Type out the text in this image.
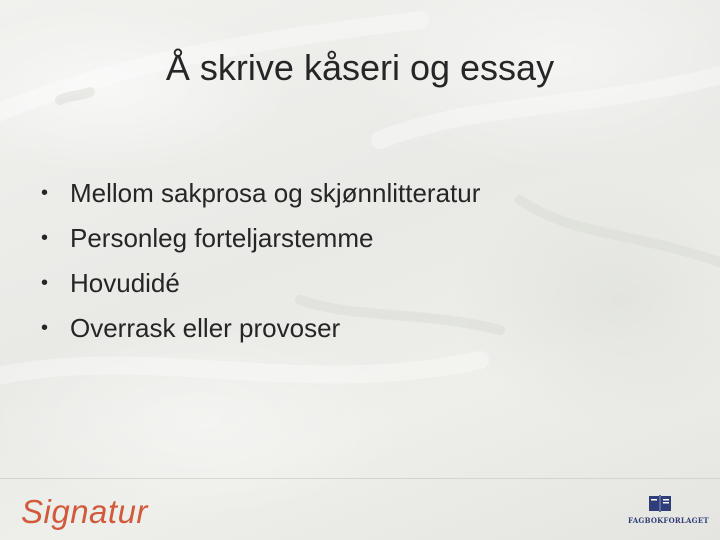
Å skrive kåseri og essay
• Mellom sakprosa og skjønnlitteratur
• Personleg forteljarstemme
• Hovudidé
• Overrask eller provoser
Signatur	FAGBOKFORLAGET
